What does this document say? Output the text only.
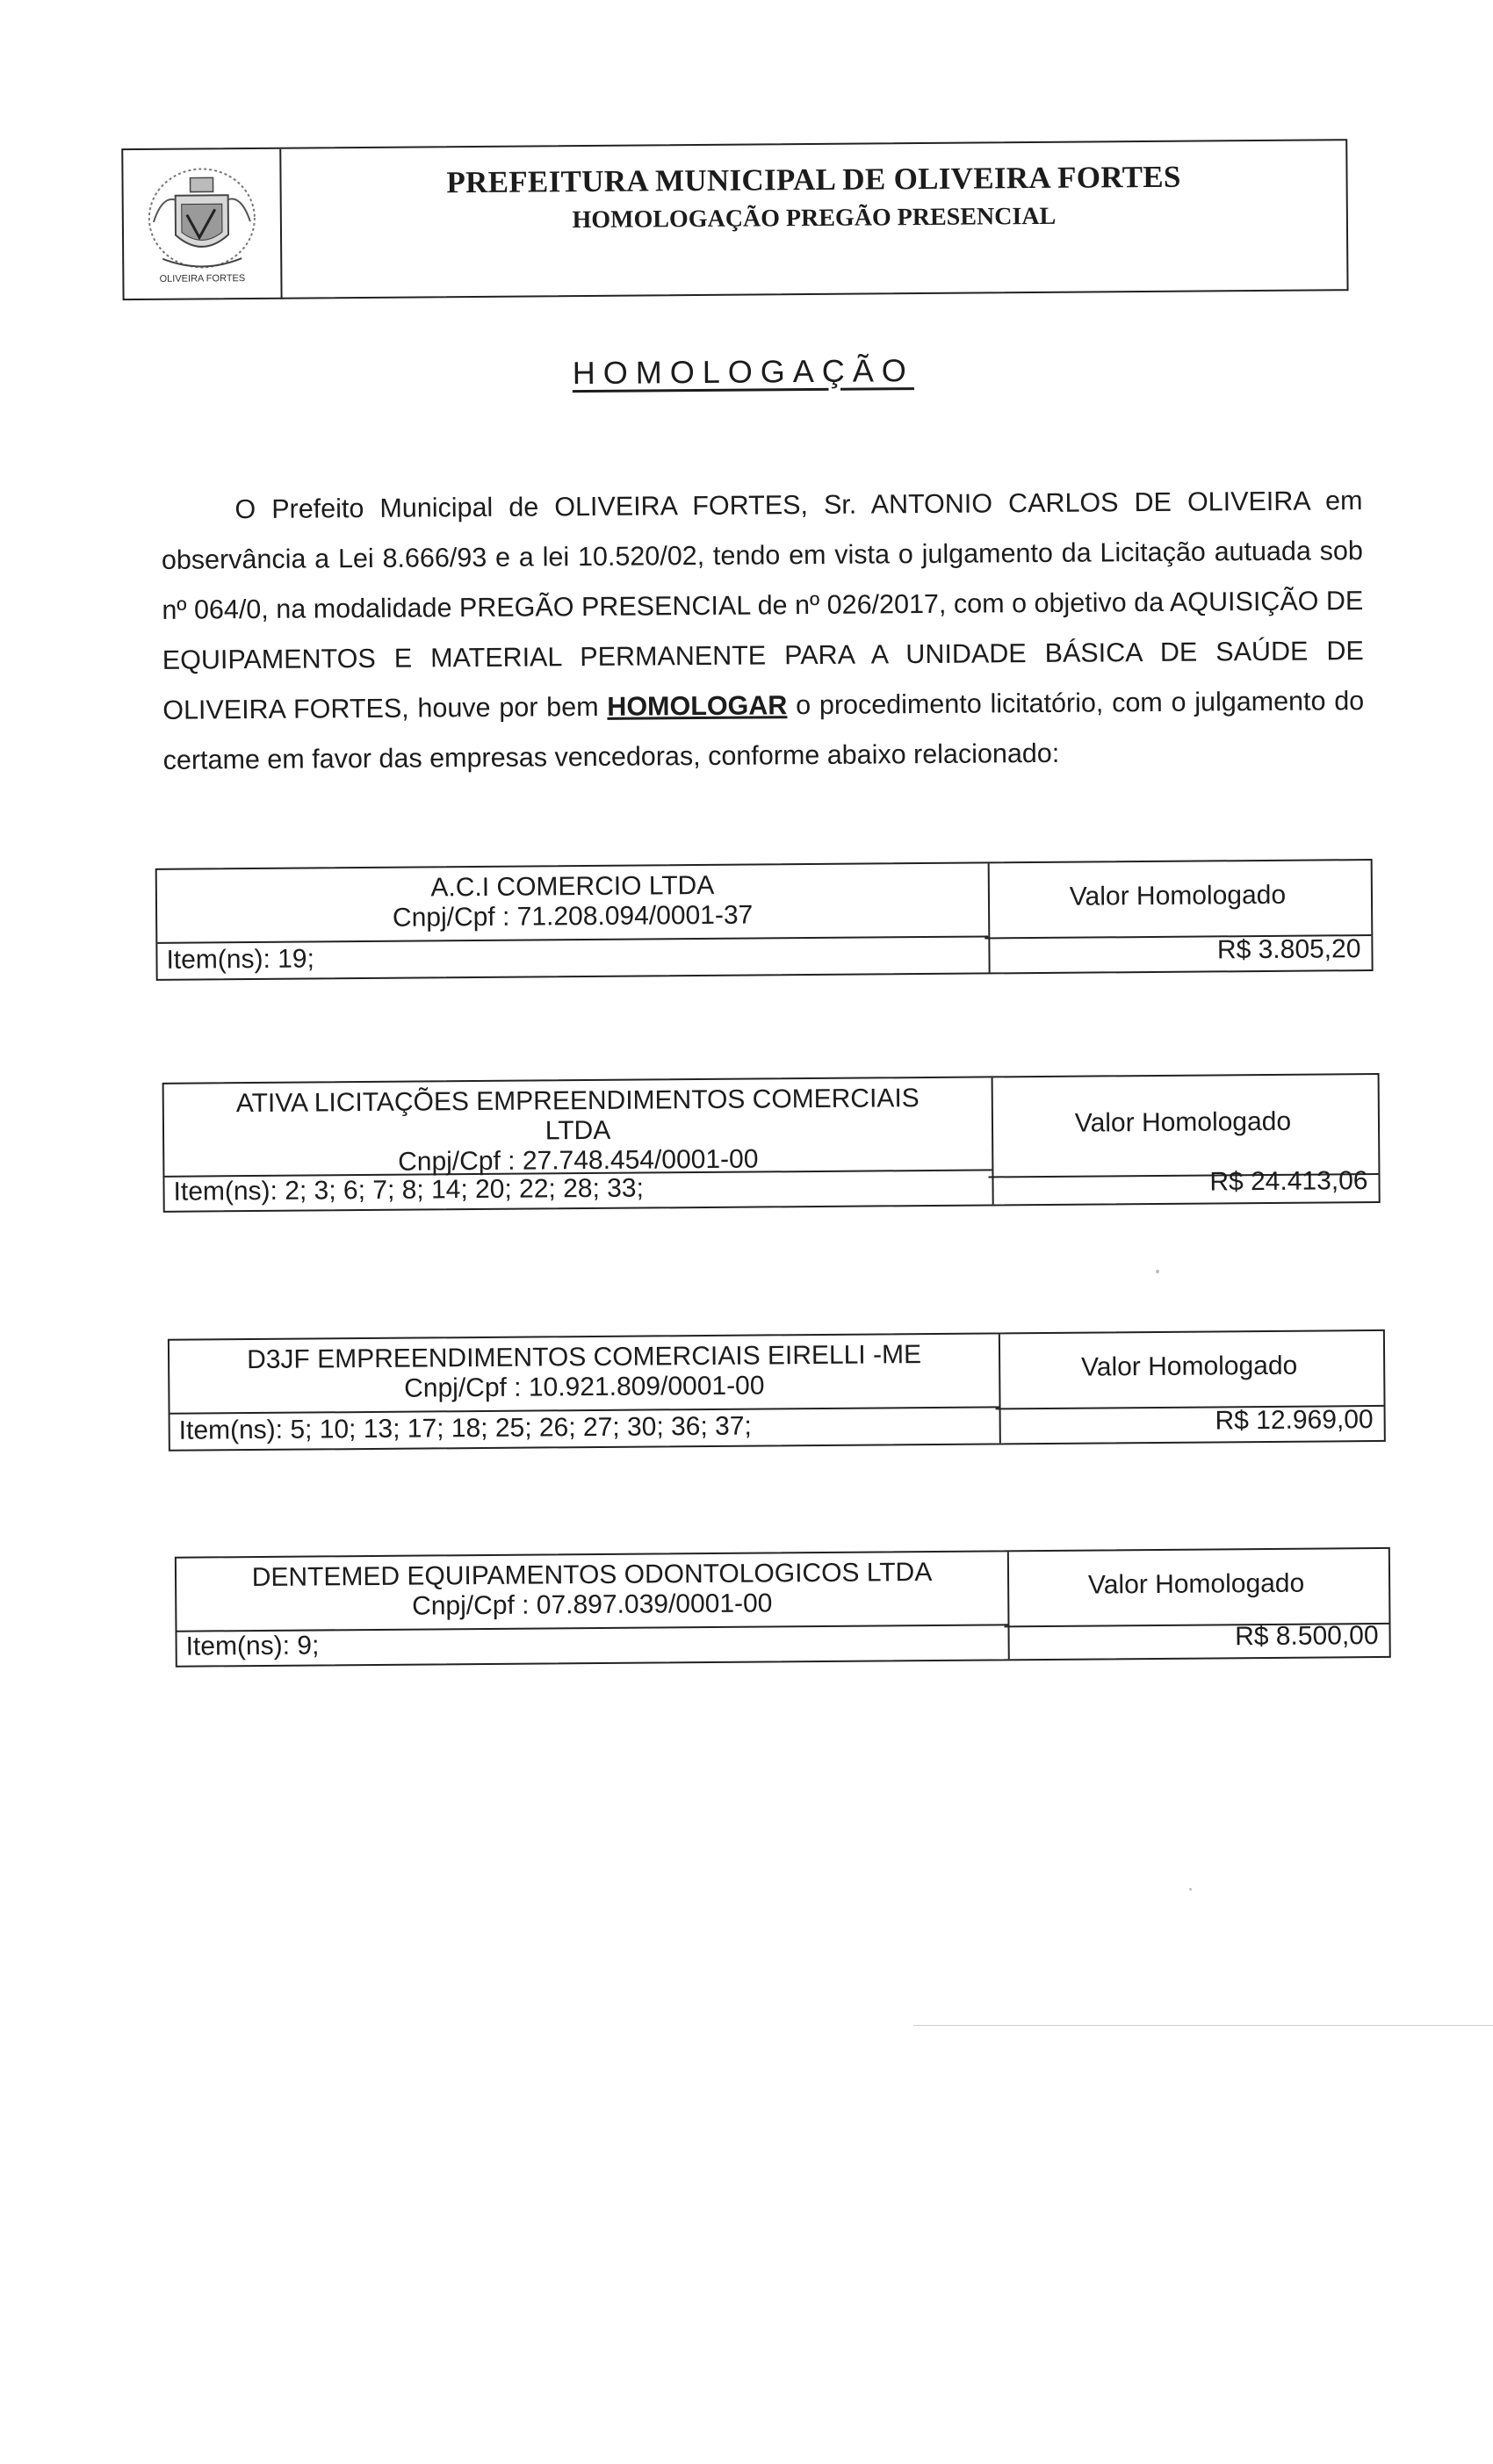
OLIVEIRA FORTES
PREFEITURA MUNICIPAL DE OLIVEIRA FORTES
HOMOLOGAÇÃO PREGÃO PRESENCIAL
HOMOLOGAÇÃO
O Prefeito Municipal de OLIVEIRA FORTES, Sr. ANTONIO CARLOS DE OLIVEIRA em observância a Lei 8.666/93 e a lei 10.520/02, tendo em vista o julgamento da Licitação autuada sob nº 064/0, na modalidade PREGÃO PRESENCIAL de nº 026/2017, com o objetivo da AQUISIÇÃO DE EQUIPAMENTOS E MATERIAL PERMANENTE PARA A UNIDADE BÁSICA DE SAÚDE DE OLIVEIRA FORTES, houve por bem HOMOLOGAR o procedimento licitatório, com o julgamento do certame em favor das empresas vencedoras, conforme abaixo relacionado:
A.C.I COMERCIO LTDA
Cnpj/Cpf : 71.208.094/0001-37
Item(ns): 19;
Valor Homologado
R$ 3.805,20
ATIVA LICITAÇÕES EMPREENDIMENTOS COMERCIAIS LTDA
Cnpj/Cpf : 27.748.454/0001-00
Item(ns): 2; 3; 6; 7; 8; 14; 20; 22; 28; 33;
Valor Homologado
R$ 24.413,06
D3JF EMPREENDIMENTOS COMERCIAIS EIRELLI -ME
Cnpj/Cpf : 10.921.809/0001-00
Item(ns): 5; 10; 13; 17; 18; 25; 26; 27; 30; 36; 37;
Valor Homologado
R$ 12.969,00
DENTEMED EQUIPAMENTOS ODONTOLOGICOS LTDA
Cnpj/Cpf : 07.897.039/0001-00
Item(ns): 9;
Valor Homologado
R$ 8.500,00
